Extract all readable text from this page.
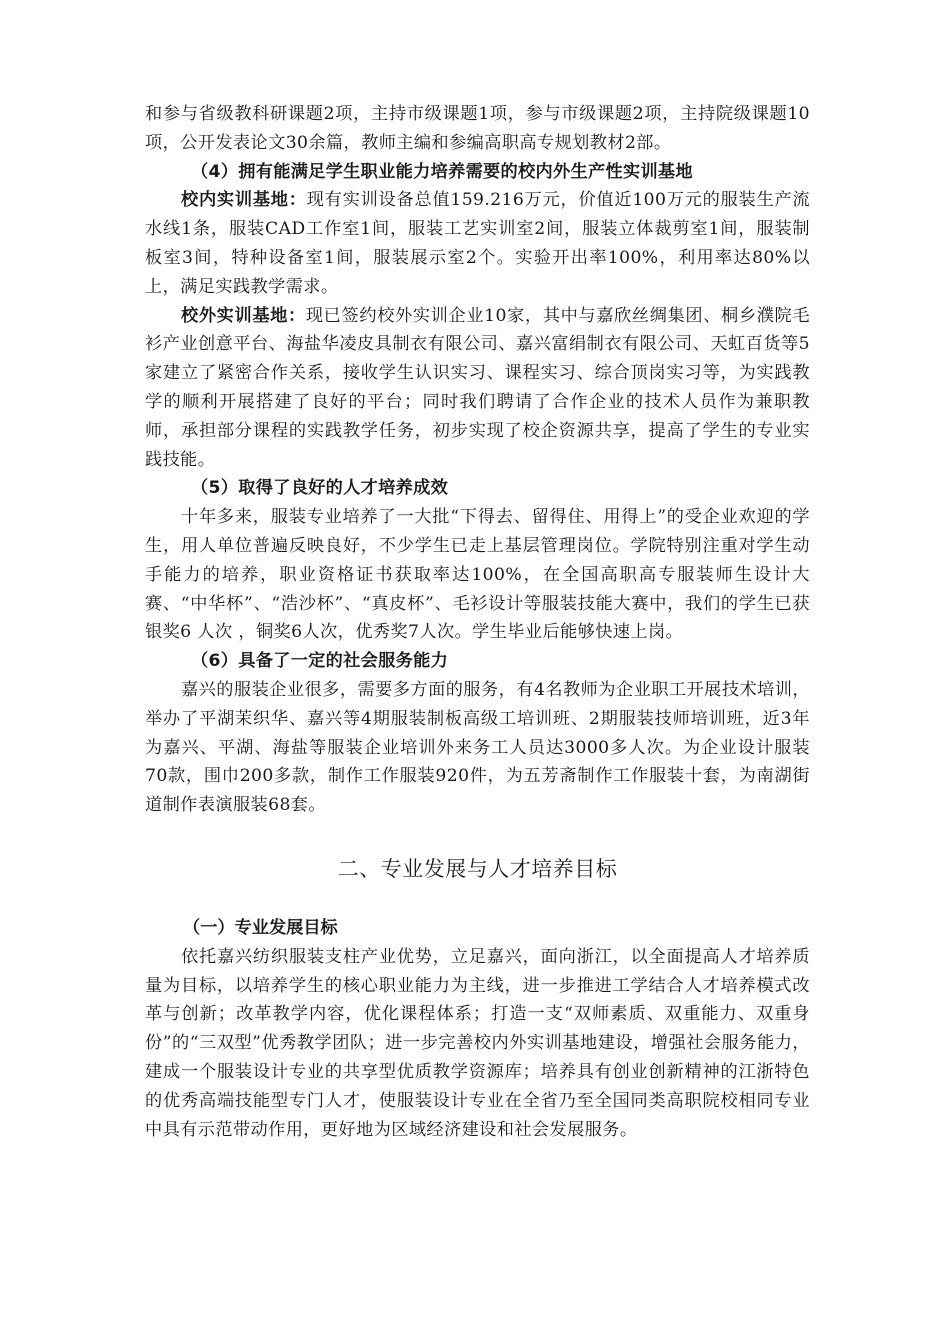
和参与省级教科研课题2项，主持市级课题1项，参与市级课题2项，主持院级课题10项，公开发表论文30余篇，教师主编和参编高职高专规划教材2部。

（4）拥有能满足学生职业能力培养需要的校内外生产性实训基地

校内实训基地：现有实训设备总值159.216万元，价值近100万元的服装生产流水线1条，服装CAD工作室1间，服装工艺实训室2间，服装立体裁剪室1间，服装制板室3间，特种设备室1间，服装展示室2个。实验开出率100%，利用率达80%以上，满足实践教学需求。

校外实训基地：现已签约校外实训企业10家，其中与嘉欣丝绸集团、桐乡濮院毛衫产业创意平台、海盐华凌皮具制衣有限公司、嘉兴富绢制衣有限公司、天虹百货等5家建立了紧密合作关系，接收学生认识实习、课程实习、综合顶岗实习等，为实践教学的顺利开展搭建了良好的平台；同时我们聘请了合作企业的技术人员作为兼职教师，承担部分课程的实践教学任务，初步实现了校企资源共享，提高了学生的专业实践技能。

（5）取得了良好的人才培养成效

十年多来，服装专业培养了一大批“下得去、留得住、用得上”的受企业欢迎的学生，用人单位普遍反映良好，不少学生已走上基层管理岗位。学院特别注重对学生动手能力的培养，职业资格证书获取率达100%，在全国高职高专服装师生设计大赛、“中华杯”、“浩沙杯”、“真皮杯”、毛衫设计等服装技能大赛中，我们的学生已获银奖6 人次 ，铜奖6人次，优秀奖7人次。学生毕业后能够快速上岗。

（6）具备了一定的社会服务能力

嘉兴的服装企业很多，需要多方面的服务，有4名教师为企业职工开展技术培训，举办了平湖茉织华、嘉兴等4期服装制板高级工培训班、2期服装技师培训班，近3年为嘉兴、平湖、海盐等服装企业培训外来务工人员达3000多人次。为企业设计服装70款，围巾200多款，制作工作服装920件，为五芳斋制作工作服装十套，为南湖街道制作表演服装68套。

二、专业发展与人才培养目标

（一）专业发展目标

依托嘉兴纺织服装支柱产业优势，立足嘉兴，面向浙江，以全面提高人才培养质量为目标，以培养学生的核心职业能力为主线，进一步推进工学结合人才培养模式改革与创新；改革教学内容，优化课程体系；打造一支“双师素质、双重能力、双重身份”的“三双型”优秀教学团队；进一步完善校内外实训基地建设，增强社会服务能力，建成一个服装设计专业的共享型优质教学资源库；培养具有创业创新精神的江浙特色的优秀高端技能型专门人才，使服装设计专业在全省乃至全国同类高职院校相同专业中具有示范带动作用，更好地为区域经济建设和社会发展服务。
